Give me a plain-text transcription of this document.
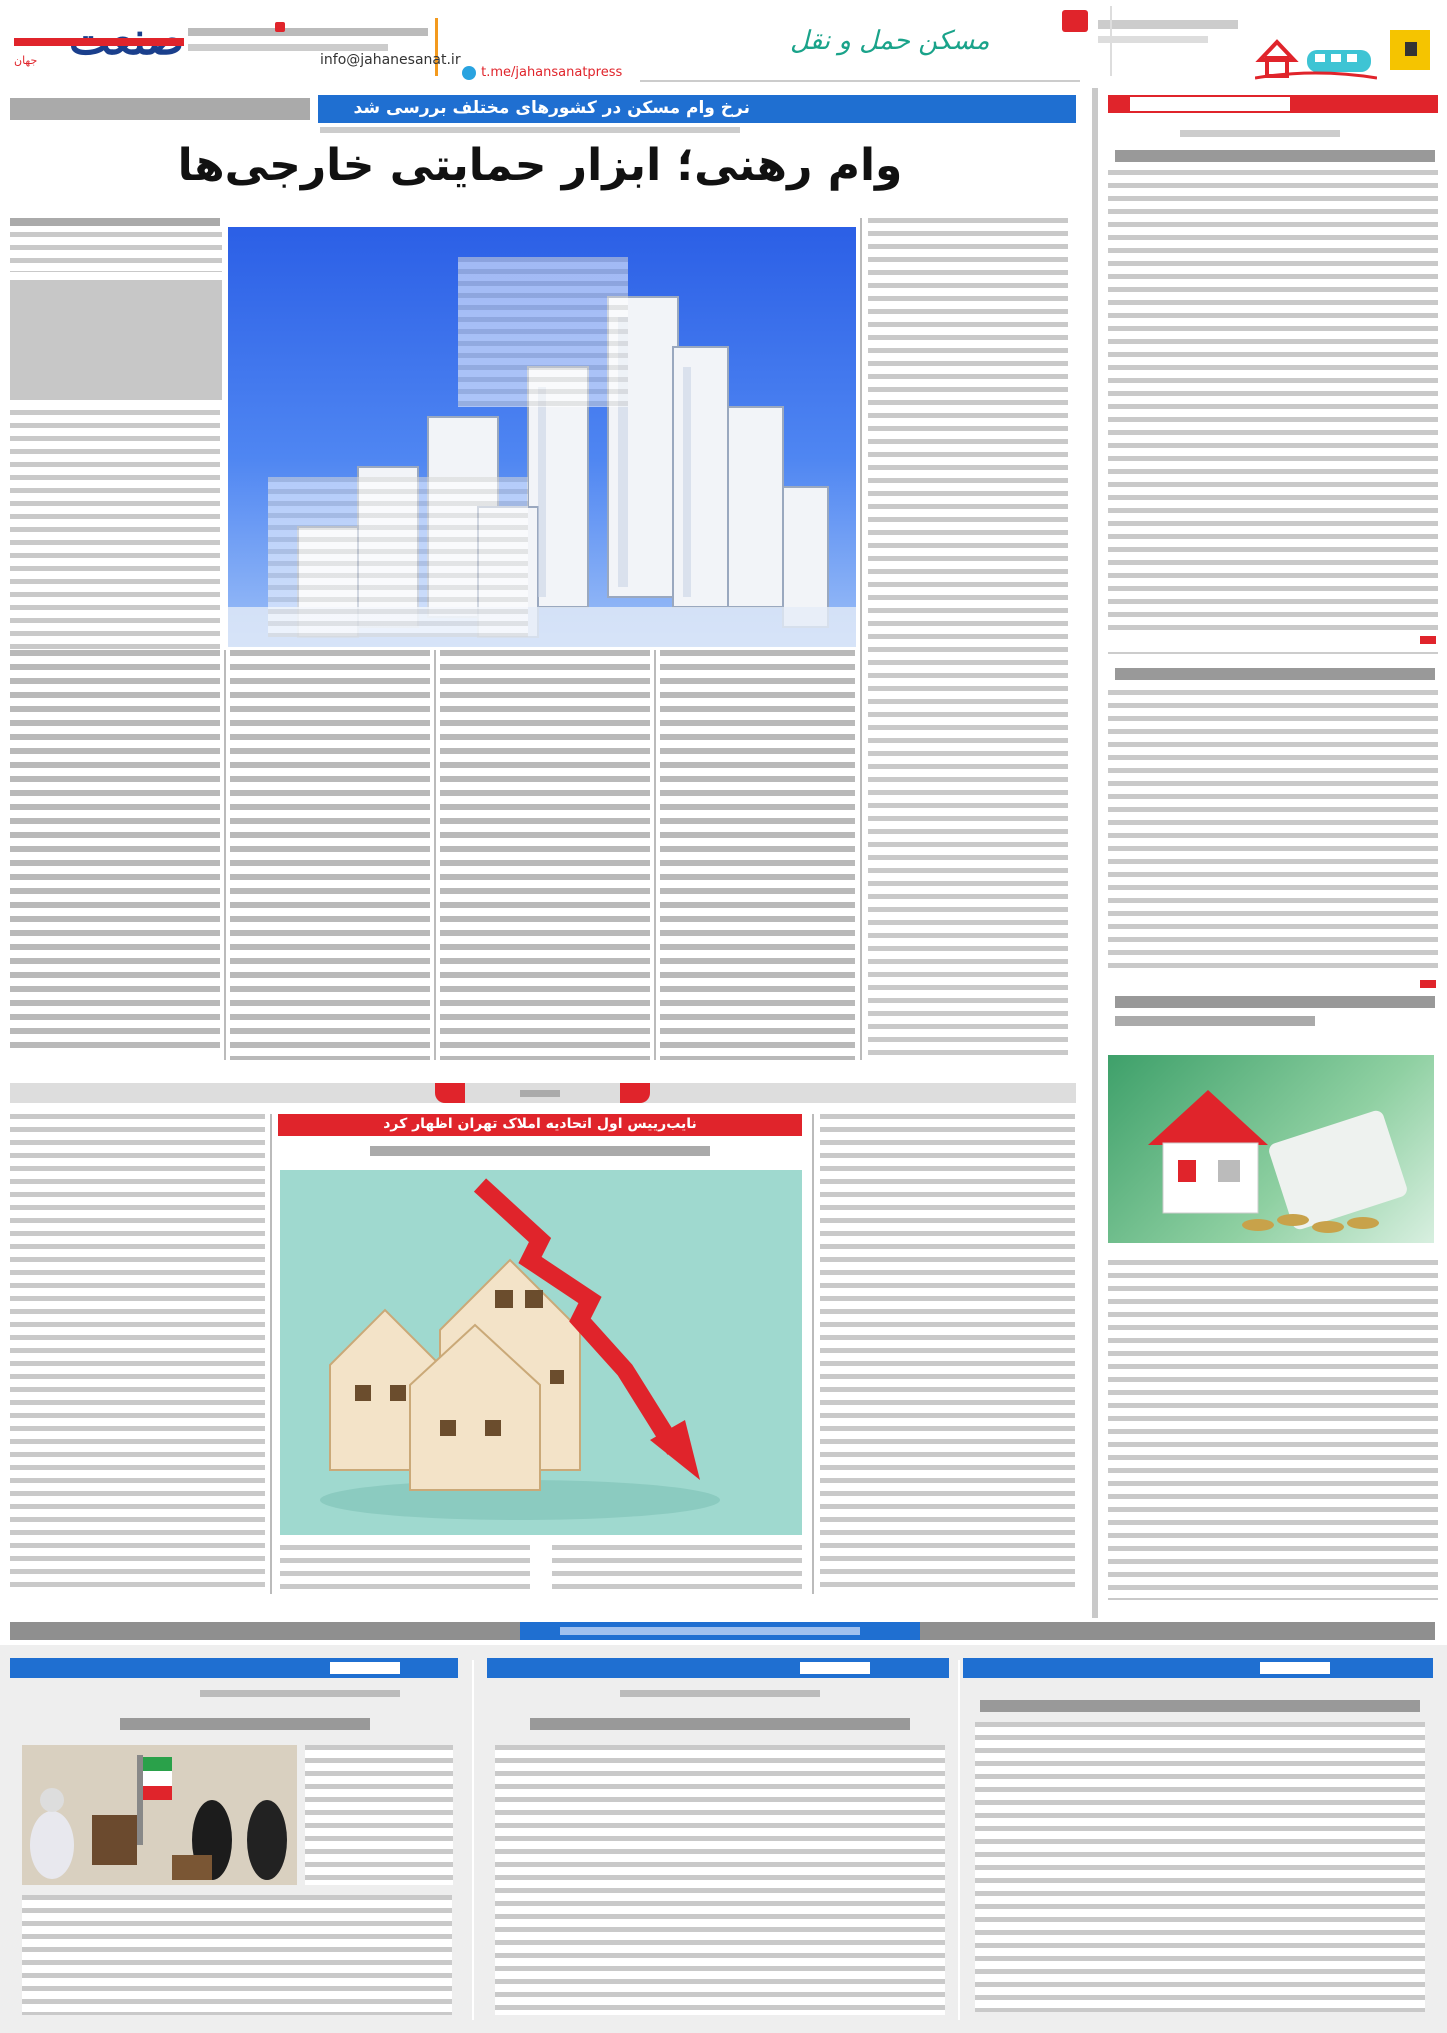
جهان	info@jahanesanat.ir
t.me/jahansanatpress
مسکن حمل و نقل
نرخ وام مسکن در کشورهای مختلف بررسی شد
وام رهنی؛ ابزار حمایتی خارجی‌ها
نایب‌رییس اول اتحادیه املاک تهران اظهار کرد
